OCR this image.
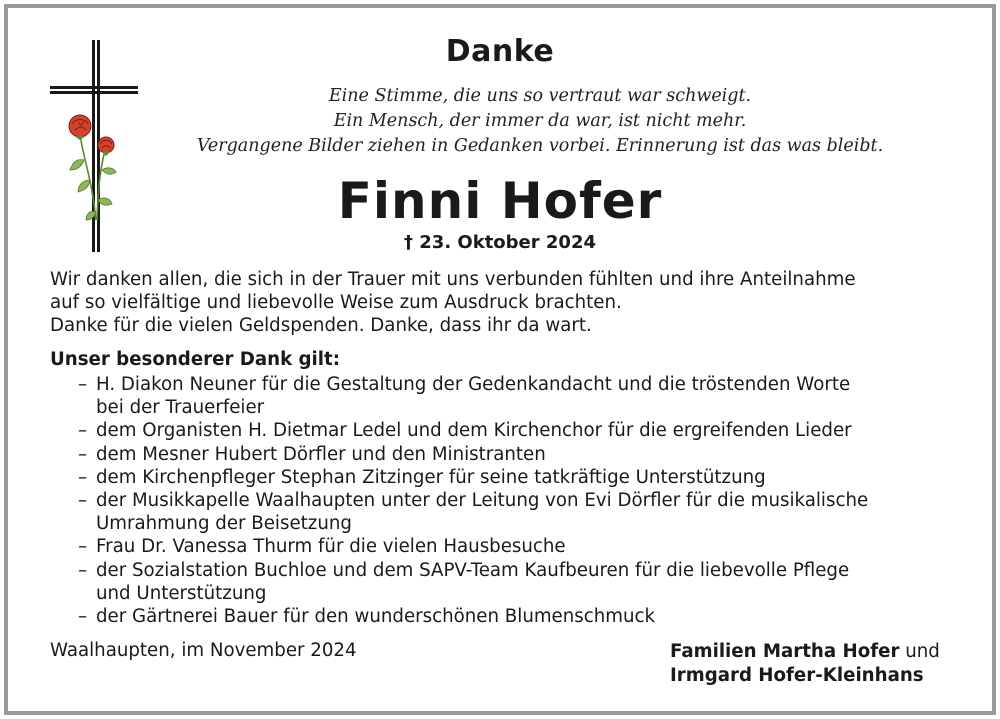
Danke
Eine Stimme, die uns so vertraut war schweigt.
Ein Mensch, der immer da war, ist nicht mehr.
Vergangene Bilder ziehen in Gedanken vorbei. Erinnerung ist das was bleibt.
Finni Hofer
† 23. Oktober 2024
Wir danken allen, die sich in der Trauer mit uns verbunden fühlten und ihre Anteilnahme
auf so vielfältige und liebevolle Weise zum Ausdruck brachten.
Danke für die vielen Geldspenden. Danke, dass ihr da wart.
Unser besonderer Dank gilt:
– H. Diakon Neuner für die Gestaltung der Gedenkandacht und die tröstenden Worte
bei der Trauerfeier
– dem Organisten H. Dietmar Ledel und dem Kirchenchor für die ergreifenden Lieder
– dem Mesner Hubert Dörfler und den Ministranten
– dem Kirchenpfleger Stephan Zitzinger für seine tatkräftige Unterstützung
– der Musikkapelle Waalhaupten unter der Leitung von Evi Dörfler für die musikalische
Umrahmung der Beisetzung
– Frau Dr. Vanessa Thurm für die vielen Hausbesuche
– der Sozialstation Buchloe und dem SAPV-Team Kaufbeuren für die liebevolle Pflege
und Unterstützung
– der Gärtnerei Bauer für den wunderschönen Blumenschmuck
Waalhaupten, im November 2024	Familien Martha Hofer und
Irmgard Hofer-Kleinhans
